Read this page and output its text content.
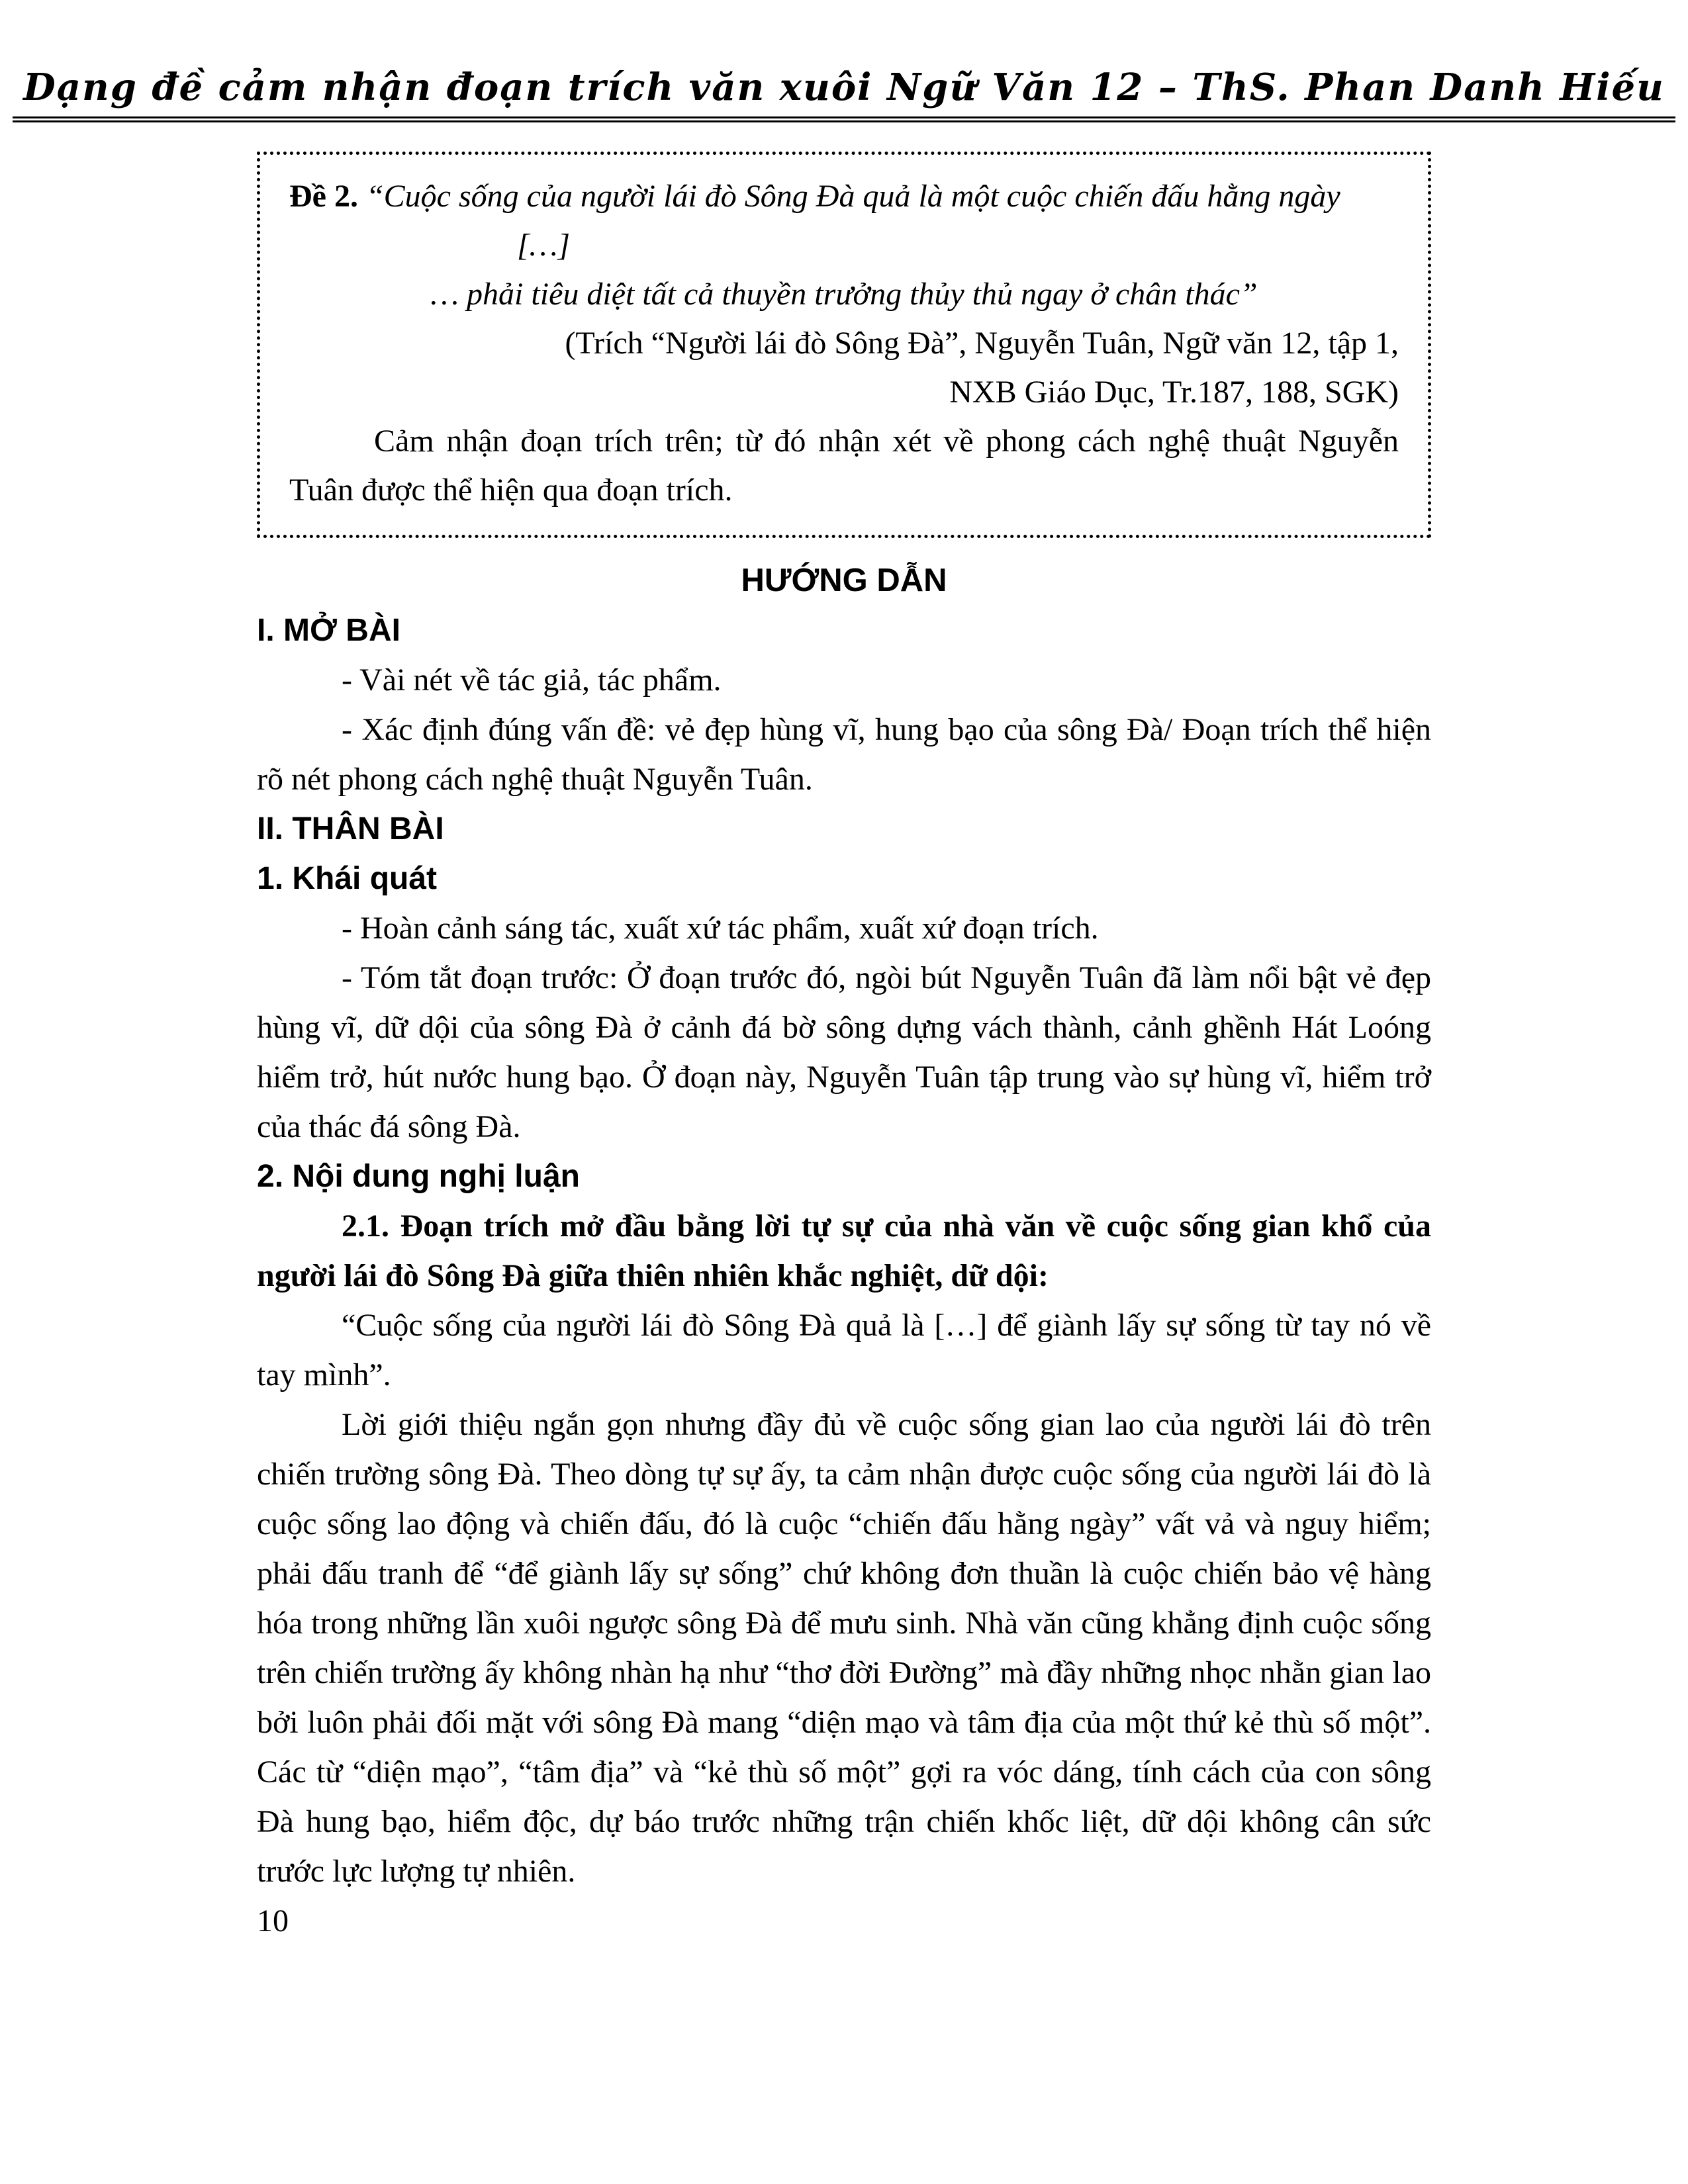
Dạng đề cảm nhận đoạn trích văn xuôi Ngữ Văn 12 – ThS. Phan Danh Hiếu
Đề 2. “Cuộc sống của người lái đò Sông Đà quả là một cuộc chiến đấu hằng ngày
[…]
… phải tiêu diệt tất cả thuyền trưởng thủy thủ ngay ở chân thác”
(Trích “Người lái đò Sông Đà”, Nguyễn Tuân, Ngữ văn 12, tập 1,
NXB Giáo Dục, Tr.187, 188, SGK)
Cảm nhận đoạn trích trên; từ đó nhận xét về phong cách nghệ thuật Nguyễn Tuân được thể hiện qua đoạn trích.
HƯỚNG DẪN
I. MỞ BÀI
- Vài nét về tác giả, tác phẩm.
- Xác định đúng vấn đề: vẻ đẹp hùng vĩ, hung bạo của sông Đà/ Đoạn trích thể hiện rõ nét phong cách nghệ thuật Nguyễn Tuân.
II. THÂN BÀI
1. Khái quát
- Hoàn cảnh sáng tác, xuất xứ tác phẩm, xuất xứ đoạn trích.
- Tóm tắt đoạn trước: Ở đoạn trước đó, ngòi bút Nguyễn Tuân đã làm nổi bật vẻ đẹp hùng vĩ, dữ dội của sông Đà ở cảnh đá bờ sông dựng vách thành, cảnh ghềnh Hát Loóng hiểm trở, hút nước hung bạo. Ở đoạn này, Nguyễn Tuân tập trung vào sự hùng vĩ, hiểm trở của thác đá sông Đà.
2. Nội dung nghị luận
2.1. Đoạn trích mở đầu bằng lời tự sự của nhà văn về cuộc sống gian khổ của người lái đò Sông Đà giữa thiên nhiên khắc nghiệt, dữ dội:
“Cuộc sống của người lái đò Sông Đà quả là […] để giành lấy sự sống từ tay nó về tay mình”.
Lời giới thiệu ngắn gọn nhưng đầy đủ về cuộc sống gian lao của người lái đò trên chiến trường sông Đà. Theo dòng tự sự ấy, ta cảm nhận được cuộc sống của người lái đò là cuộc sống lao động và chiến đấu, đó là cuộc “chiến đấu hằng ngày” vất vả và nguy hiểm; phải đấu tranh để “để giành lấy sự sống” chứ không đơn thuần là cuộc chiến bảo vệ hàng hóa trong những lần xuôi ngược sông Đà để mưu sinh. Nhà văn cũng khẳng định cuộc sống trên chiến trường ấy không nhàn hạ như “thơ đời Đường” mà đầy những nhọc nhằn gian lao bởi luôn phải đối mặt với sông Đà mang “diện mạo và tâm địa của một thứ kẻ thù số một”. Các từ “diện mạo”, “tâm địa” và “kẻ thù số một” gợi ra vóc dáng, tính cách của con sông Đà hung bạo, hiểm độc, dự báo trước những trận chiến khốc liệt, dữ dội không cân sức trước lực lượng tự nhiên.
10
